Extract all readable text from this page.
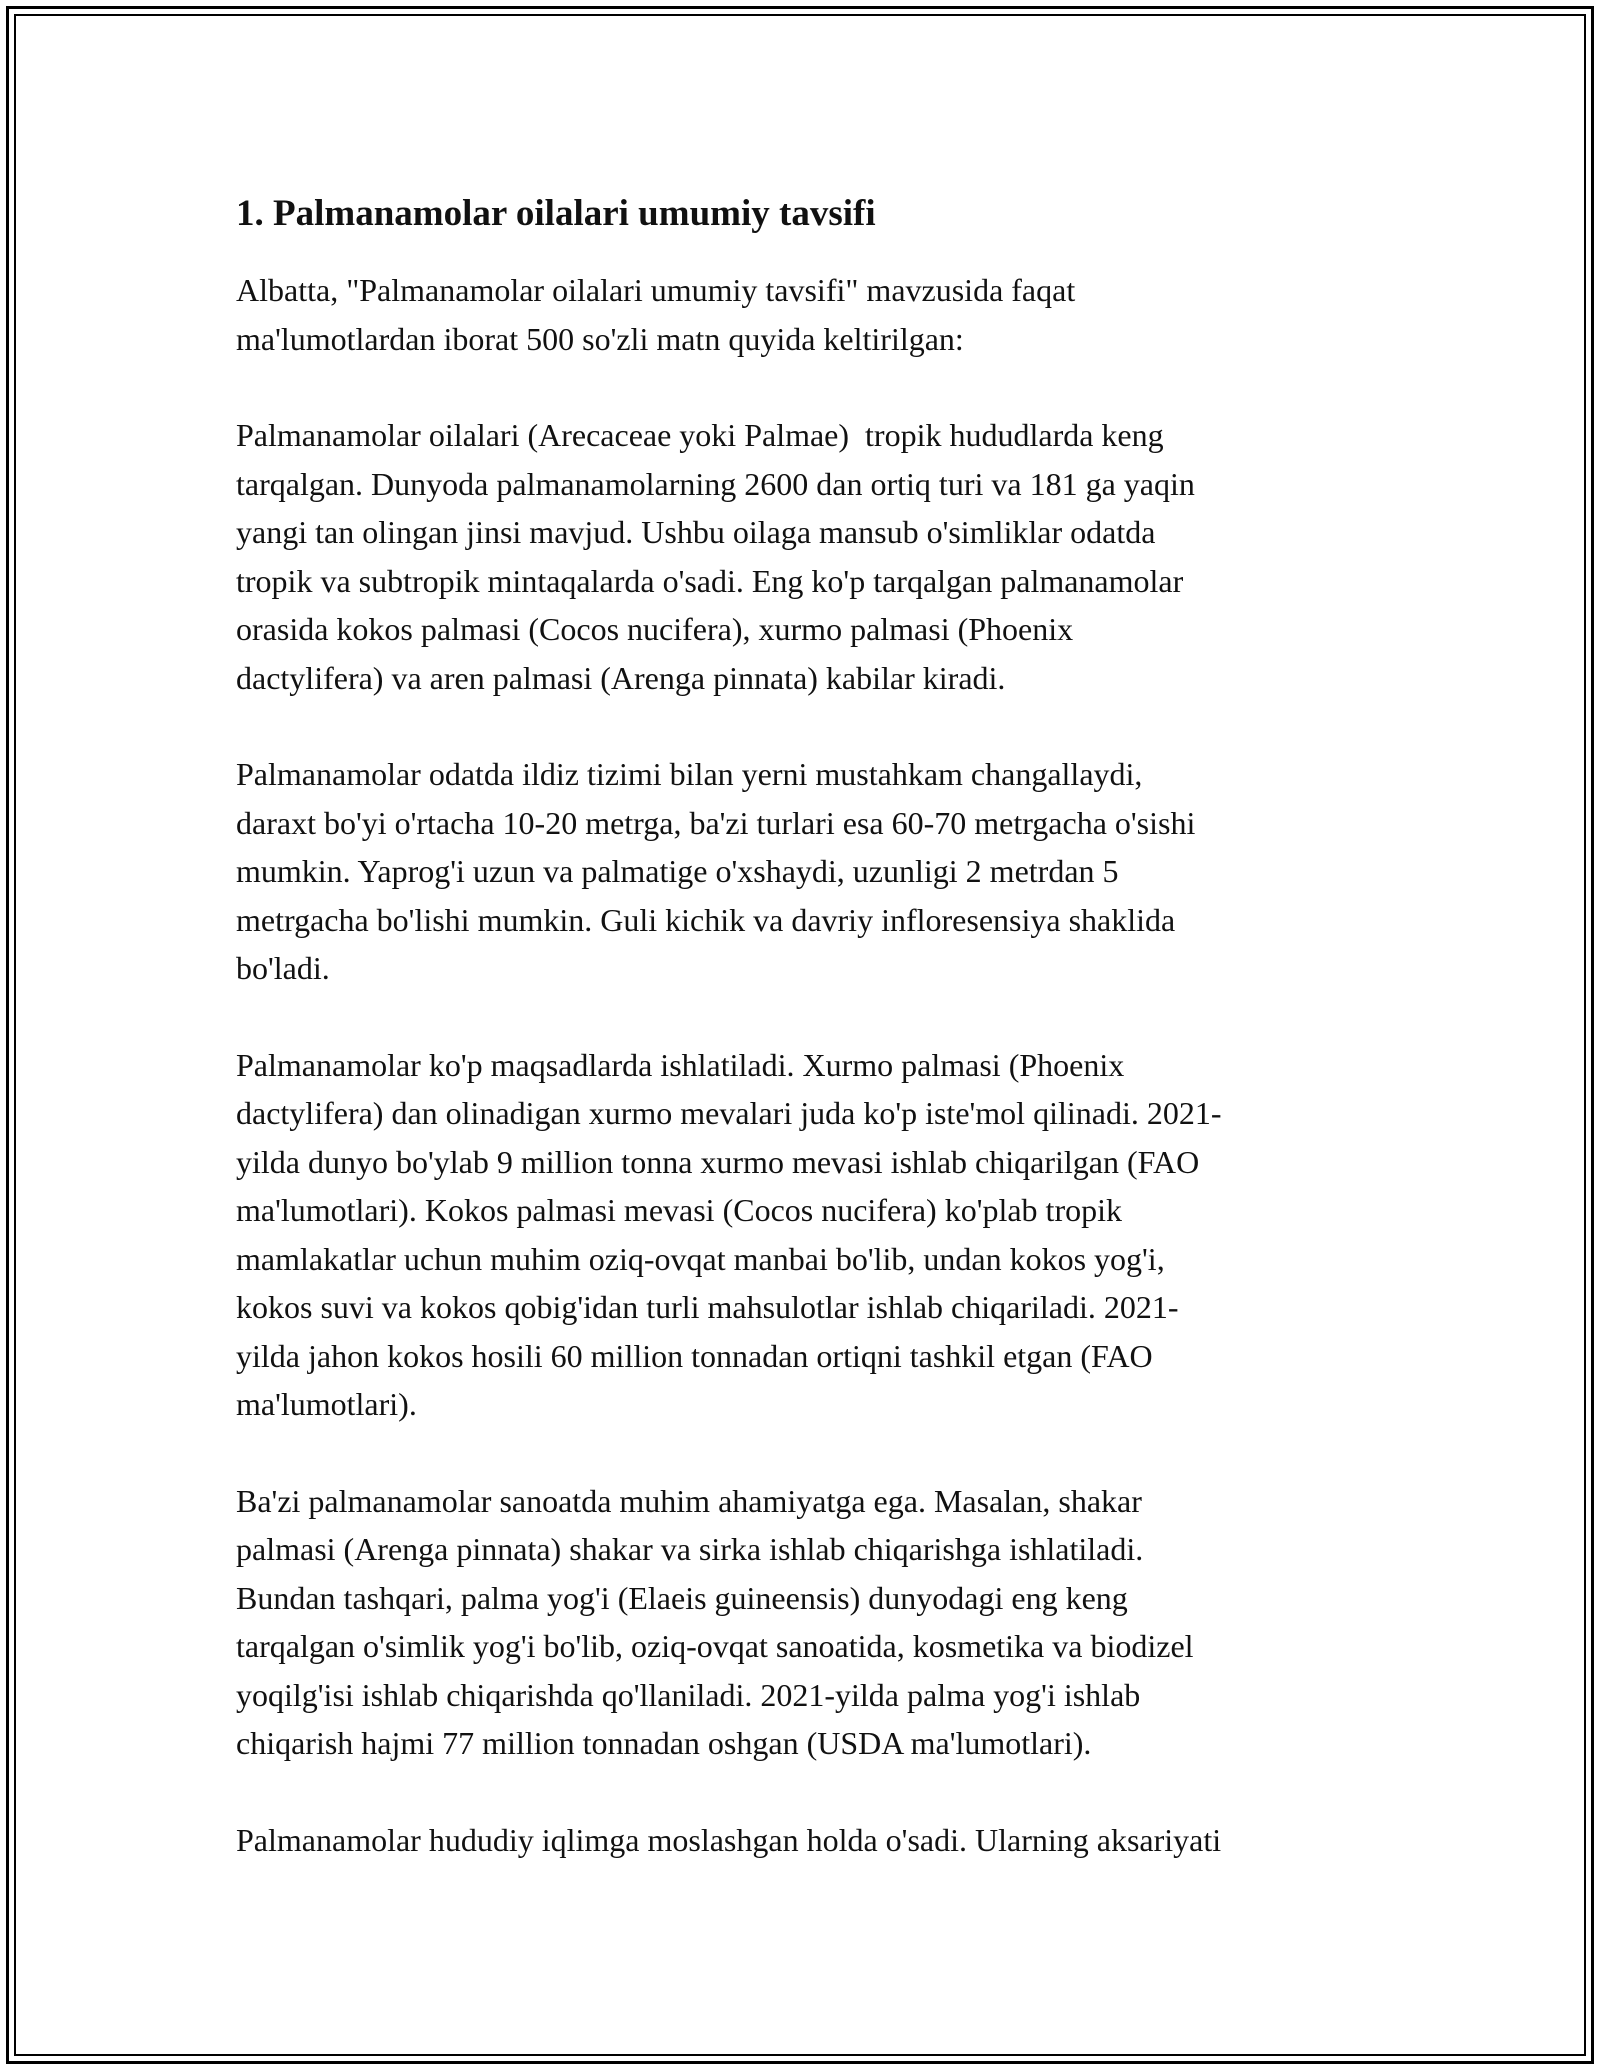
1. Palmanamolar oilalari umumiy tavsifi

Albatta, "Palmanamolar oilalari umumiy tavsifi" mavzusida faqat
ma'lumotlardan iborat 500 so'zli matn quyida keltirilgan:

Palmanamolar oilalari (Arecaceae yoki Palmae)  tropik hududlarda keng
tarqalgan. Dunyoda palmanamolarning 2600 dan ortiq turi va 181 ga yaqin
yangi tan olingan jinsi mavjud. Ushbu oilaga mansub o'simliklar odatda
tropik va subtropik mintaqalarda o'sadi. Eng ko'p tarqalgan palmanamolar
orasida kokos palmasi (Cocos nucifera), xurmo palmasi (Phoenix
dactylifera) va aren palmasi (Arenga pinnata) kabilar kiradi.

Palmanamolar odatda ildiz tizimi bilan yerni mustahkam changallaydi,
daraxt bo'yi o'rtacha 10-20 metrga, ba'zi turlari esa 60-70 metrgacha o'sishi
mumkin. Yaprog'i uzun va palmatige o'xshaydi, uzunligi 2 metrdan 5
metrgacha bo'lishi mumkin. Guli kichik va davriy infloresensiya shaklida
bo'ladi.

Palmanamolar ko'p maqsadlarda ishlatiladi. Xurmo palmasi (Phoenix
dactylifera) dan olinadigan xurmo mevalari juda ko'p iste'mol qilinadi. 2021-
yilda dunyo bo'ylab 9 million tonna xurmo mevasi ishlab chiqarilgan (FAO
ma'lumotlari). Kokos palmasi mevasi (Cocos nucifera) ko'plab tropik
mamlakatlar uchun muhim oziq-ovqat manbai bo'lib, undan kokos yog'i,
kokos suvi va kokos qobig'idan turli mahsulotlar ishlab chiqariladi. 2021-
yilda jahon kokos hosili 60 million tonnadan ortiqni tashkil etgan (FAO
ma'lumotlari).

Ba'zi palmanamolar sanoatda muhim ahamiyatga ega. Masalan, shakar
palmasi (Arenga pinnata) shakar va sirka ishlab chiqarishga ishlatiladi.
Bundan tashqari, palma yog'i (Elaeis guineensis) dunyodagi eng keng
tarqalgan o'simlik yog'i bo'lib, oziq-ovqat sanoatida, kosmetika va biodizel
yoqilg'isi ishlab chiqarishda qo'llaniladi. 2021-yilda palma yog'i ishlab
chiqarish hajmi 77 million tonnadan oshgan (USDA ma'lumotlari).

Palmanamolar hududiy iqlimga moslashgan holda o'sadi. Ularning aksariyati
